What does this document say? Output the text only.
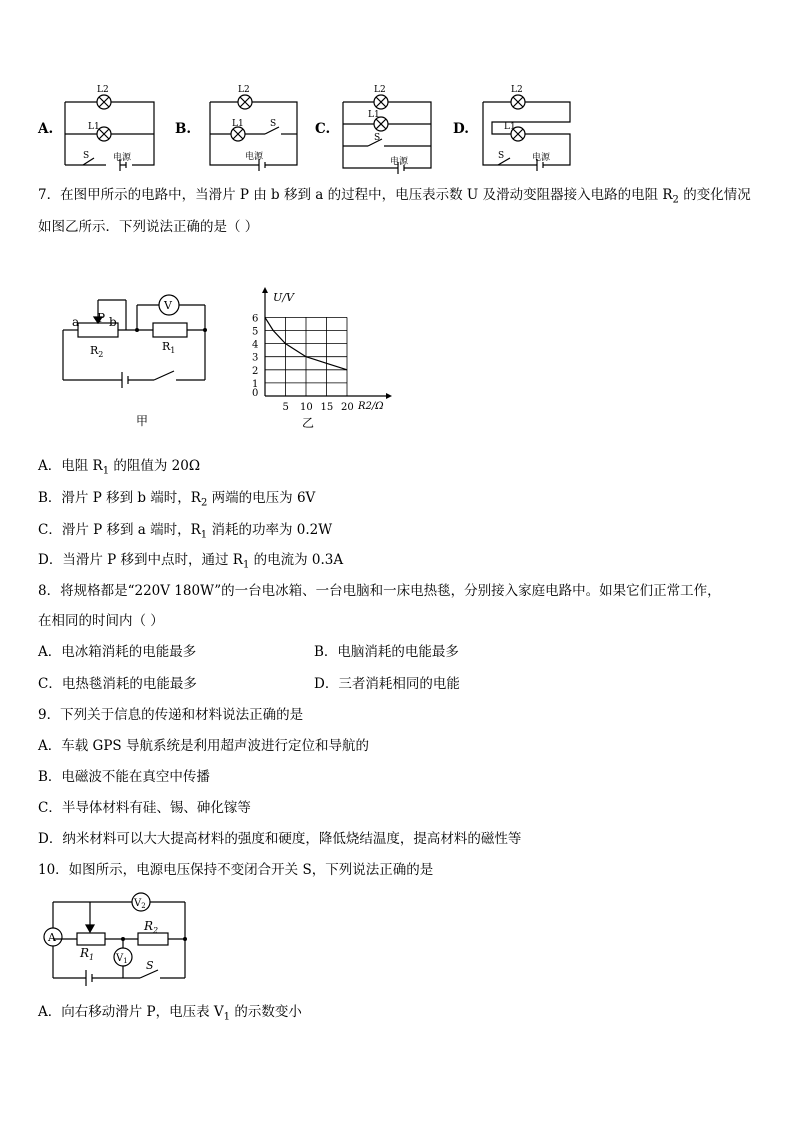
A.	B.	C.	D.
L2
L1
S	电源
L2
L1	S
电源
L2
L1
S
电源
L2
L1
S	电源
7．在图甲所示的电路中，当滑片 P 由 b 移到 a 的过程中，电压表示数 U 及滑动变阻器接入电路的电阻 $R_2$ 的变化情况
如图乙所示．下列说法正确的是（ ）
V
a P b
$R_2$
$R_1$
甲
0
5 10 15 20
1
2
3
4
5
6
U/V
R2/Ω
乙
A．电阻 $R_1$ 的阻值为 20Ω
B．滑片 P 移到 b 端时，$R_2$ 两端的电压为 6V
C．滑片 P 移到 a 端时，$R_1$ 消耗的功率为 0.2W
D．当滑片 P 移到中点时，通过 $R_1$ 的电流为 0.3A
8．将规格都是“220V 180W”的一台电冰箱、一台电脑和一床电热毯，分别接入家庭电路中。如果它们正常工作，
在相同的时间内（ ）
A．电冰箱消耗的电能最多	B．电脑消耗的电能最多
C．电热毯消耗的电能最多	D．三者消耗相同的电能
9．下列关于信息的传递和材料说法正确的是
A．车载 GPS 导航系统是利用超声波进行定位和导航的
B．电磁波不能在真空中传播
C．半导体材料有硅、锡、砷化镓等
D．纳米材料可以大大提高材料的强度和硬度，降低烧结温度，提高材料的磁性等
10．如图所示，电源电压保持不变闭合开关 S，下列说法正确的是
A
$V_2$
$V_1$
$R_1$
$R_2$
S
A．向右移动滑片 P，电压表 $V_1$ 的示数变小
